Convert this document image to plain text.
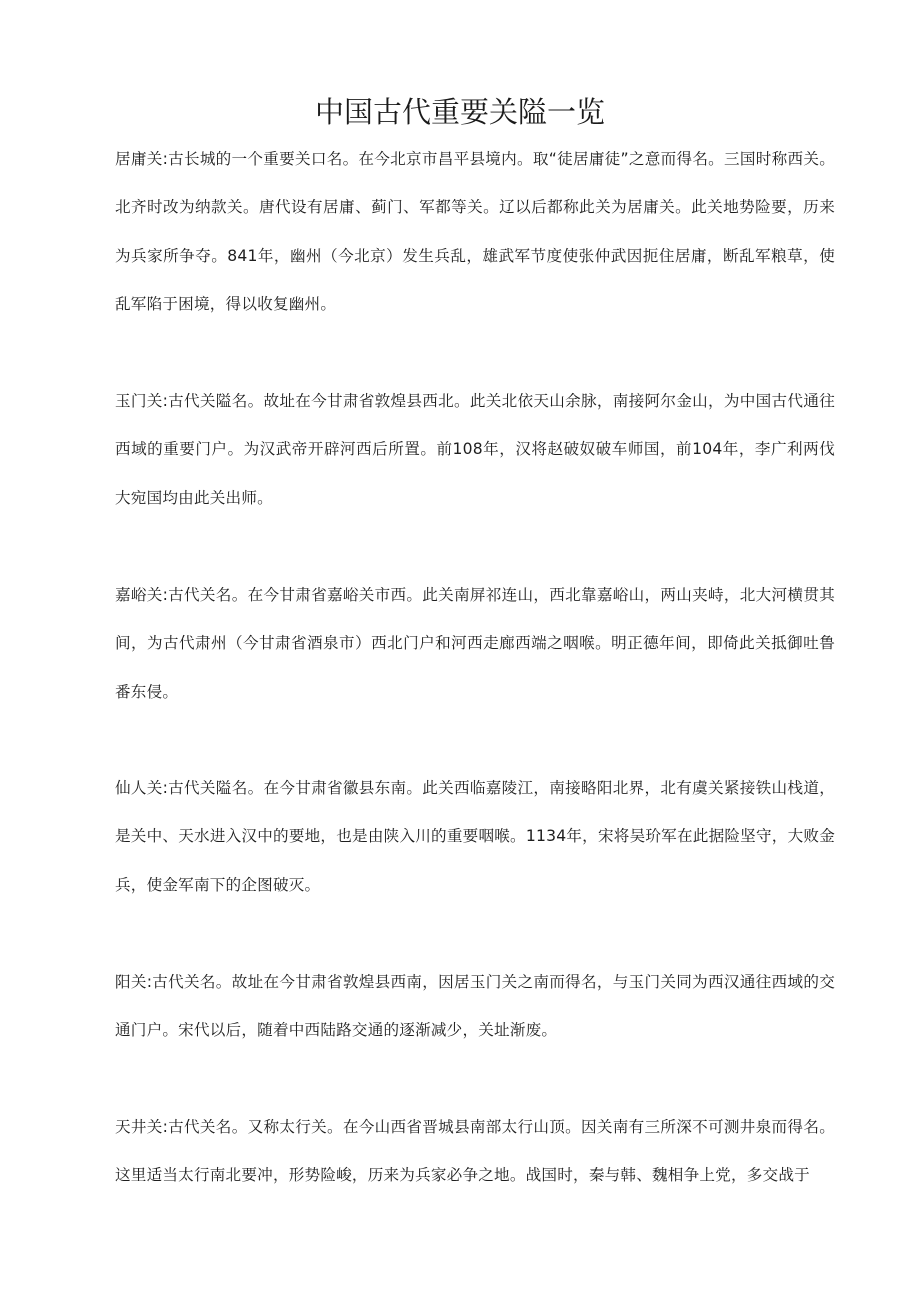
中国古代重要关隘一览

居庸关:古长城的一个重要关口名。在今北京市昌平县境内。取“徒居庸徒”之意而得名。三国时称西关。北齐时改为纳款关。唐代设有居庸、蓟门、军都等关。辽以后都称此关为居庸关。此关地势险要，历来为兵家所争夺。841年，幽州（今北京）发生兵乱，雄武军节度使张仲武因扼住居庸，断乱军粮草，使乱军陷于困境，得以收复幽州。

玉门关:古代关隘名。故址在今甘肃省敦煌县西北。此关北依天山余脉，南接阿尔金山，为中国古代通往西域的重要门户。为汉武帝开辟河西后所置。前108年，汉将赵破奴破车师国，前104年，李广利两伐大宛国均由此关出师。

嘉峪关:古代关名。在今甘肃省嘉峪关市西。此关南屏祁连山，西北靠嘉峪山，两山夹峙，北大河横贯其间，为古代肃州（今甘肃省酒泉市）西北门户和河西走廊西端之咽喉。明正德年间，即倚此关抵御吐鲁番东侵。

仙人关:古代关隘名。在今甘肃省徽县东南。此关西临嘉陵江，南接略阳北界，北有虞关紧接铁山栈道，是关中、天水进入汉中的要地，也是由陕入川的重要咽喉。1134年，宋将吴玠军在此据险坚守，大败金兵，使金军南下的企图破灭。

阳关:古代关名。故址在今甘肃省敦煌县西南，因居玉门关之南而得名，与玉门关同为西汉通往西域的交通门户。宋代以后，随着中西陆路交通的逐渐减少，关址渐废。

天井关:古代关名。又称太行关。在今山西省晋城县南部太行山顶。因关南有三所深不可测井泉而得名。这里适当太行南北要冲，形势险峻，历来为兵家必争之地。战国时，秦与韩、魏相争上党，多交战于
